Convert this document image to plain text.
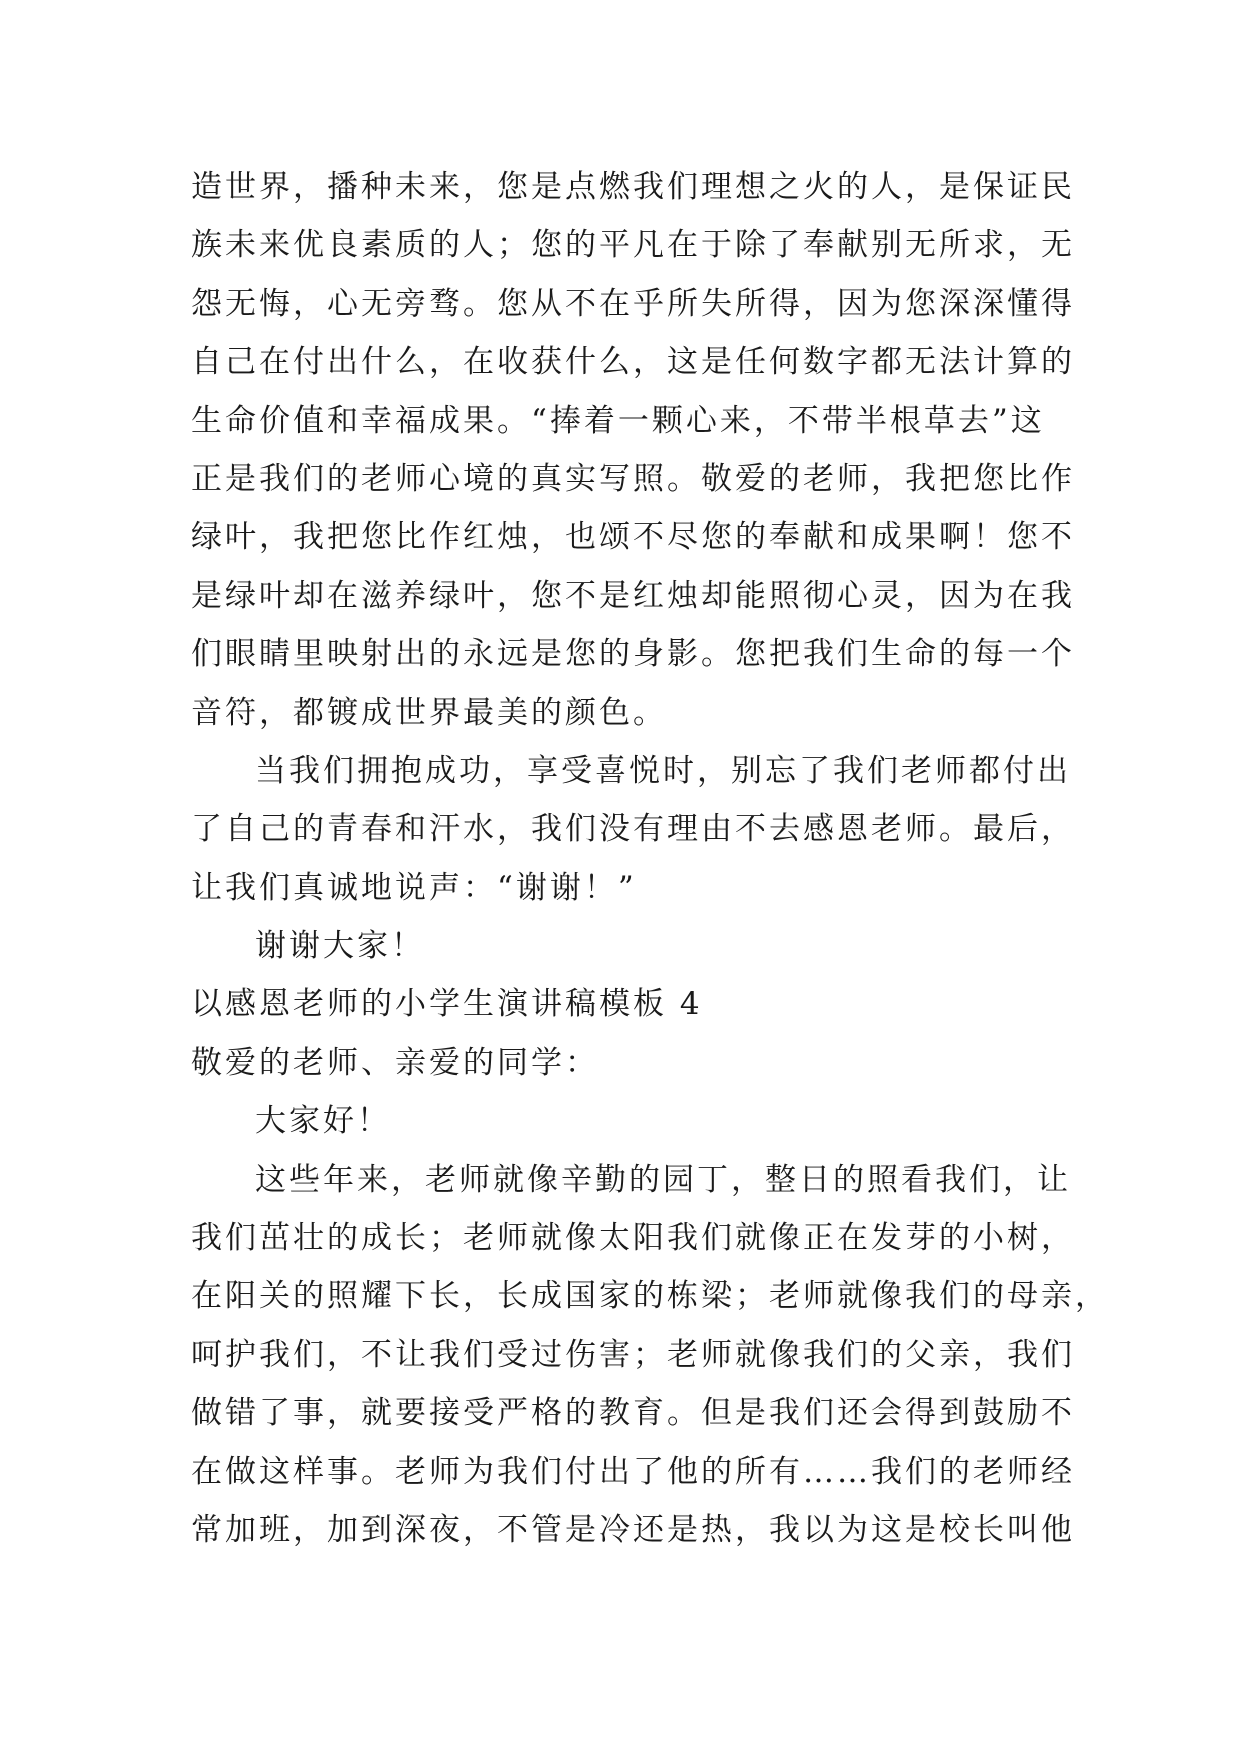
造世界，播种未来，您是点燃我们理想之火的人，是保证民
族未来优良素质的人；您的平凡在于除了奉献别无所求，无
怨无悔，心无旁骛。您从不在乎所失所得，因为您深深懂得
自己在付出什么，在收获什么，这是任何数字都无法计算的
生命价值和幸福成果。“捧着一颗心来，不带半根草去”这
正是我们的老师心境的真实写照。敬爱的老师，我把您比作
绿叶，我把您比作红烛，也颂不尽您的奉献和成果啊！您不
是绿叶却在滋养绿叶，您不是红烛却能照彻心灵，因为在我
们眼睛里映射出的永远是您的身影。您把我们生命的每一个
音符，都镀成世界最美的颜色。
当我们拥抱成功，享受喜悦时，别忘了我们老师都付出
了自己的青春和汗水，我们没有理由不去感恩老师。最后，
让我们真诚地说声：“谢谢！”
谢谢大家！
以感恩老师的小学生演讲稿模板 4
敬爱的老师、亲爱的同学：
大家好！
这些年来，老师就像辛勤的园丁，整日的照看我们，让
我们茁壮的成长；老师就像太阳我们就像正在发芽的小树，
在阳关的照耀下长，长成国家的栋梁；老师就像我们的母亲，
呵护我们，不让我们受过伤害；老师就像我们的父亲，我们
做错了事，就要接受严格的教育。但是我们还会得到鼓励不
在做这样事。老师为我们付出了他的所有……我们的老师经
常加班，加到深夜，不管是冷还是热，我以为这是校长叫他
